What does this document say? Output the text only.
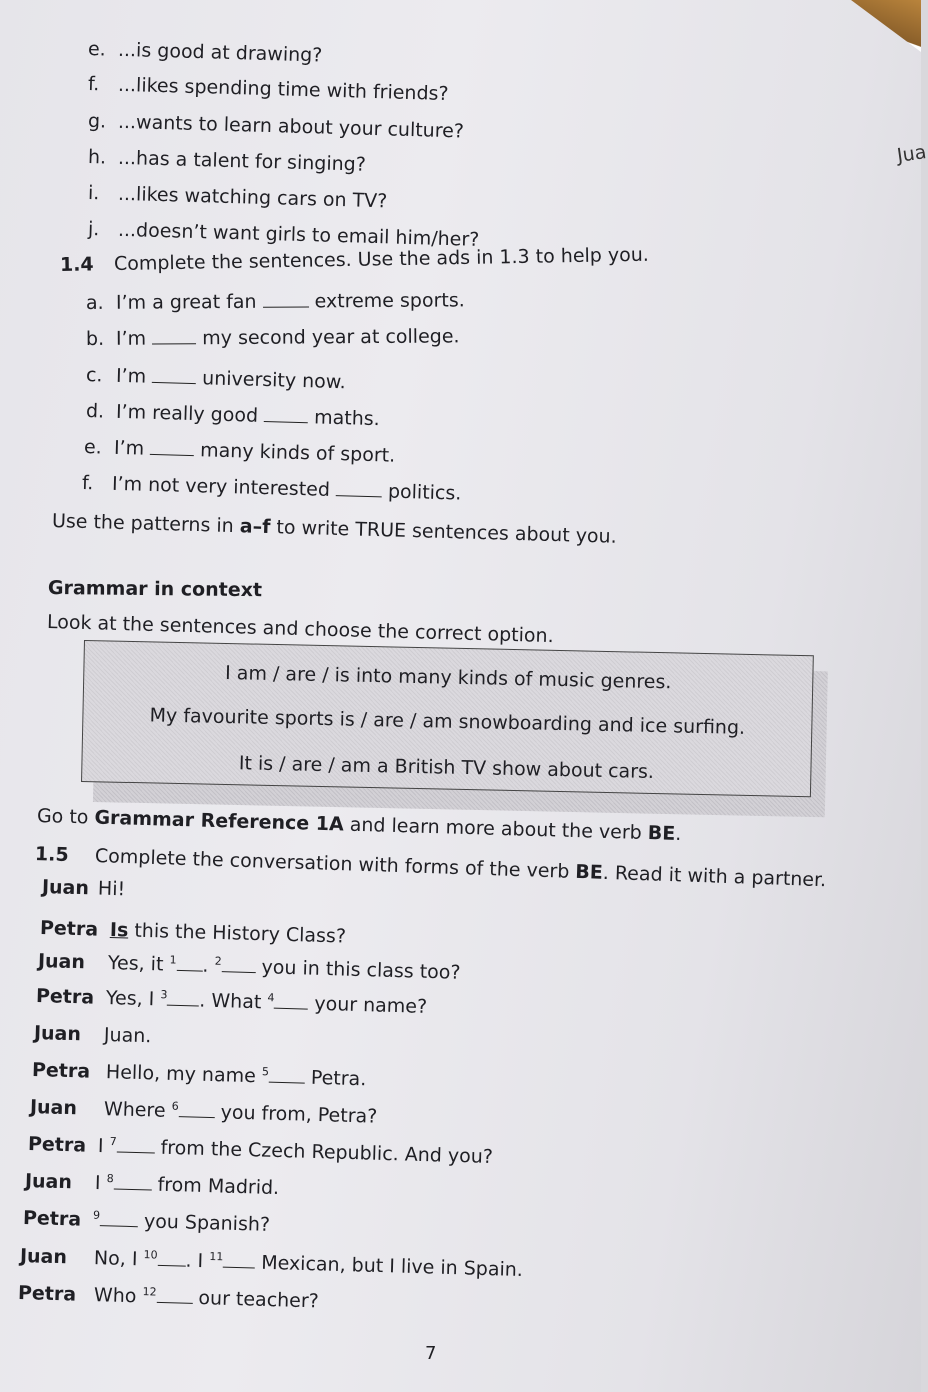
Jua
e. ...is good at drawing?
f. ...likes spending time with friends?
g. ...wants to learn about your culture?
h. ...has a talent for singing?
i. ...likes watching cars on TV?
j. ...doesn’t want girls to email him/her?
1.4 Complete the sentences. Use the ads in 1.3 to help you.
a. I’m a great fan	extreme sports.
b. I’m	my second year at college.
c. I’m	university now.
d. I’m really good	maths.
e. I’m	many kinds of sport.
f. I’m not very interested	politics.
Use the patterns in a–f to write TRUE sentences about you.
Grammar in context
Look at the sentences and choose the correct option.
I am / are / is into many kinds of music genres.
My favourite sports is / are / am snowboarding and ice surfing.
It is / are / am a British TV show about cars.
Go to Grammar Reference 1A and learn more about the verb BE.
1.5 Complete the conversation with forms of the verb BE. Read it with a partner.
Juan Hi!
Petra Is this the History Class?
Juan Yes, it $^1$ . $^2$ you in this class too?
Petra Yes, I $^3$ . What $^4$ your name?
Juan Juan.
Petra Hello, my name $^5$ Petra.
Juan Where $^6$ you from, Petra?
Petra I $^7$ from the Czech Republic. And you?
Juan I $^8$ from Madrid.
Petra $^9$ you Spanish?
Juan No, I $^{10}$ . I $^{11}$ Mexican, but I live in Spain.
Petra Who $^{12}$ our teacher?
7
